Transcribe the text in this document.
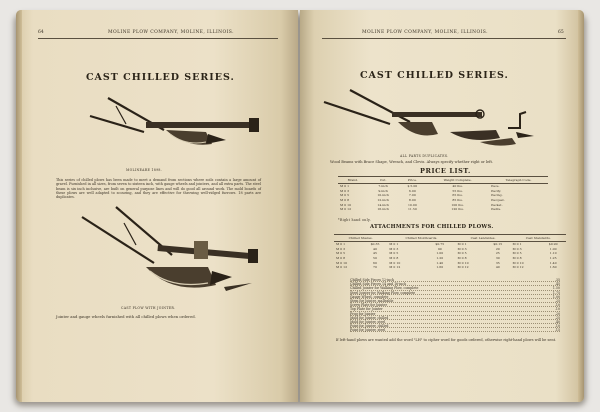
64	MOLINE PLOW COMPANY, MOLINE, ILLINOIS.
CAST CHILLED SERIES.
MOLINEARE 1898.
This series of chilled plows has been made to meet a demand from sections where soils contain a large amount of gravel. Furnished in all sizes, from seven to sixteen inch, with gauge wheels and jointers, and all extra parts. The steel beam is six inch inclusive, are built on general purpose lines and will do good all around work. The mold boards of these plows are well adapted to scouring, and they are effective for throwing well-ridged furrows. 18 parts are duplicates.
CAST PLOW WITH JOINTER.
Jointer and gauge wheels furnished with all chilled plows when ordered.
MOLINE PLOW COMPANY, MOLINE, ILLINOIS.	65
CAST CHILLED SERIES.
ALL PARTS DUPLICATES.
Wood Beams with Brace Shape, Wrench, and Clevis. Always specify whether right or left.
PRICE LIST.
Brand.	Cut.	Price.	Weight Complete.	Telegraph Code.
M 0 1	7-inch	$ 5.00	40 lbs.	Pace.
M 0 3	9-inch	6.00	55 lbs.	Pacify.
M 0 5	10-inch	7.00	65 lbs.	Pacing.
M 0 8	12-inch	8.00	85 lbs.	Pacquet.
M 0 10	14-inch	10.00	100 lbs.	Packet.
M 0 12	16-inch	11.50	120 lbs.	Padre.
*Right hand only.
ATTACHMENTS FOR CHILLED PLOWS.
Chilled Shares.		Chilled Moldboards.		Cast Landsides.		Cast Standards.	
M 0 1	$0.35	M 0 1	$0.75	M 0 1	$0.15	M 0 1	$0.90
M 0 3	40	M 0 3	90	M 0 3	20	M 0 3	1.00
M 0 5	45	M 0 5	1.00	M 0 5	25	M 0 5	1.10
M 0 8	50	M 0 8	1.20	M 0 8	30	M 0 8	1.25
M 0 10	60	M 0 10	1.40	M 0 10	35	M 0 10	1.40
M 0 12	70	M 0 12	1.60	M 0 12	40	M 0 12	1.60
Chilled Side Pieces 12-inch	.35
Chilled Side Pieces 14 and 16-inch	.45
Chilled Jointer for Walking Plow, complete	1.50
Steel Jointer for Walking Plow, complete	1.75
Gauge Wheel, complete	1.00
Stem for Jointer, malleable	.25
Screw Plate for Jointer	.10
Top Plate for Jointer	.10
Frog for Jointer	.20
Mold for Jointer, chilled	.25
Mold for Jointer, steel	.40
Point for Jointer, chilled	.10
Point for Jointer, steel	.15
If left-hand plows are wanted add the word "LH" to cipher word for goods ordered, otherwise right-hand plows will be sent.
